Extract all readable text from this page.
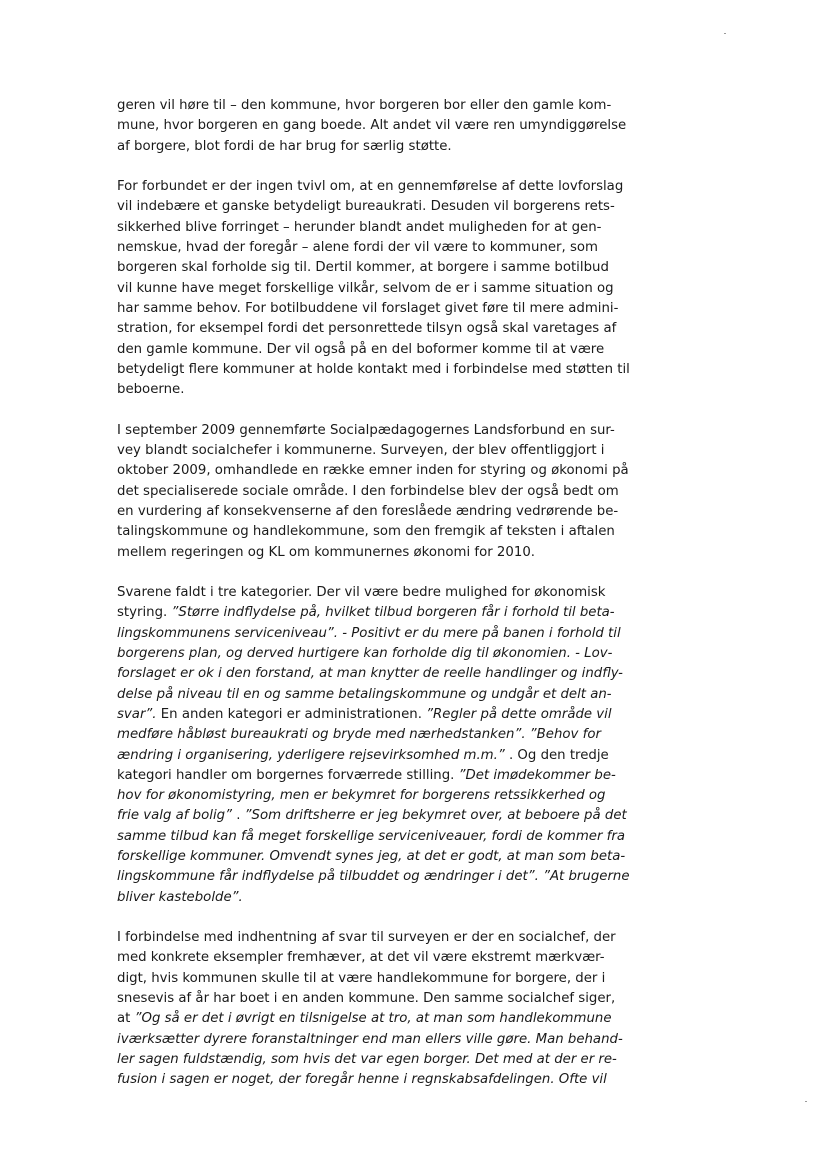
geren vil høre til – den kommune, hvor borgeren bor eller den gamle kom-
mune, hvor borgeren en gang boede. Alt andet vil være ren umyndiggørelse
af borgere, blot fordi de har brug for særlig støtte.
For forbundet er der ingen tvivl om, at en gennemførelse af dette lovforslag
vil indebære et ganske betydeligt bureaukrati. Desuden vil borgerens rets-
sikkerhed blive forringet – herunder blandt andet muligheden for at gen-
nemskue, hvad der foregår – alene fordi der vil være to kommuner, som
borgeren skal forholde sig til. Dertil kommer, at borgere i samme botilbud
vil kunne have meget forskellige vilkår, selvom de er i samme situation og
har samme behov. For botilbuddene vil forslaget givet føre til mere admini-
stration, for eksempel fordi det personrettede tilsyn også skal varetages af
den gamle kommune. Der vil også på en del boformer komme til at være
betydeligt flere kommuner at holde kontakt med i forbindelse med støtten til
beboerne.
I september 2009 gennemførte Socialpædagogernes Landsforbund en sur-
vey blandt socialchefer i kommunerne. Surveyen, der blev offentliggjort i
oktober 2009, omhandlede en række emner inden for styring og økonomi på
det specialiserede sociale område. I den forbindelse blev der også bedt om
en vurdering af konsekvenserne af den foreslåede ændring vedrørende be-
talingskommune og handlekommune, som den fremgik af teksten i aftalen
mellem regeringen og KL om kommunernes økonomi for 2010.
Svarene faldt i tre kategorier. Der vil være bedre mulighed for økonomisk
styring. ”Større indflydelse på, hvilket tilbud borgeren får i forhold til beta-
lingskommunens serviceniveau”. - Positivt er du mere på banen i forhold til
borgerens plan, og derved hurtigere kan forholde dig til økonomien. - Lov-
forslaget er ok i den forstand, at man knytter de reelle handlinger og indfly-
delse på niveau til en og samme betalingskommune og undgår et delt an-
svar”. En anden kategori er administrationen. ”Regler på dette område vil
medføre håbløst bureaukrati og bryde med nærhedstanken”. ”Behov for
ændring i organisering, yderligere rejsevirksomhed m.m.” . Og den tredje
kategori handler om borgernes forværrede stilling. ”Det imødekommer be-
hov for økonomistyring, men er bekymret for borgerens retssikkerhed og
frie valg af bolig” . ”Som driftsherre er jeg bekymret over, at beboere på det
samme tilbud kan få meget forskellige serviceniveauer, fordi de kommer fra
forskellige kommuner. Omvendt synes jeg, at det er godt, at man som beta-
lingskommune får indflydelse på tilbuddet og ændringer i det”. ”At brugerne
bliver kastebolde”.
I forbindelse med indhentning af svar til surveyen er der en socialchef, der
med konkrete eksempler fremhæver, at det vil være ekstremt mærkvær-
digt, hvis kommunen skulle til at være handlekommune for borgere, der i
snesevis af år har boet i en anden kommune. Den samme socialchef siger,
at ”Og så er det i øvrigt en tilsnigelse at tro, at man som handlekommune
iværksætter dyrere foranstaltninger end man ellers ville gøre. Man behand-
ler sagen fuldstændig, som hvis det var egen borger. Det med at der er re-
fusion i sagen er noget, der foregår henne i regnskabsafdelingen. Ofte vil
